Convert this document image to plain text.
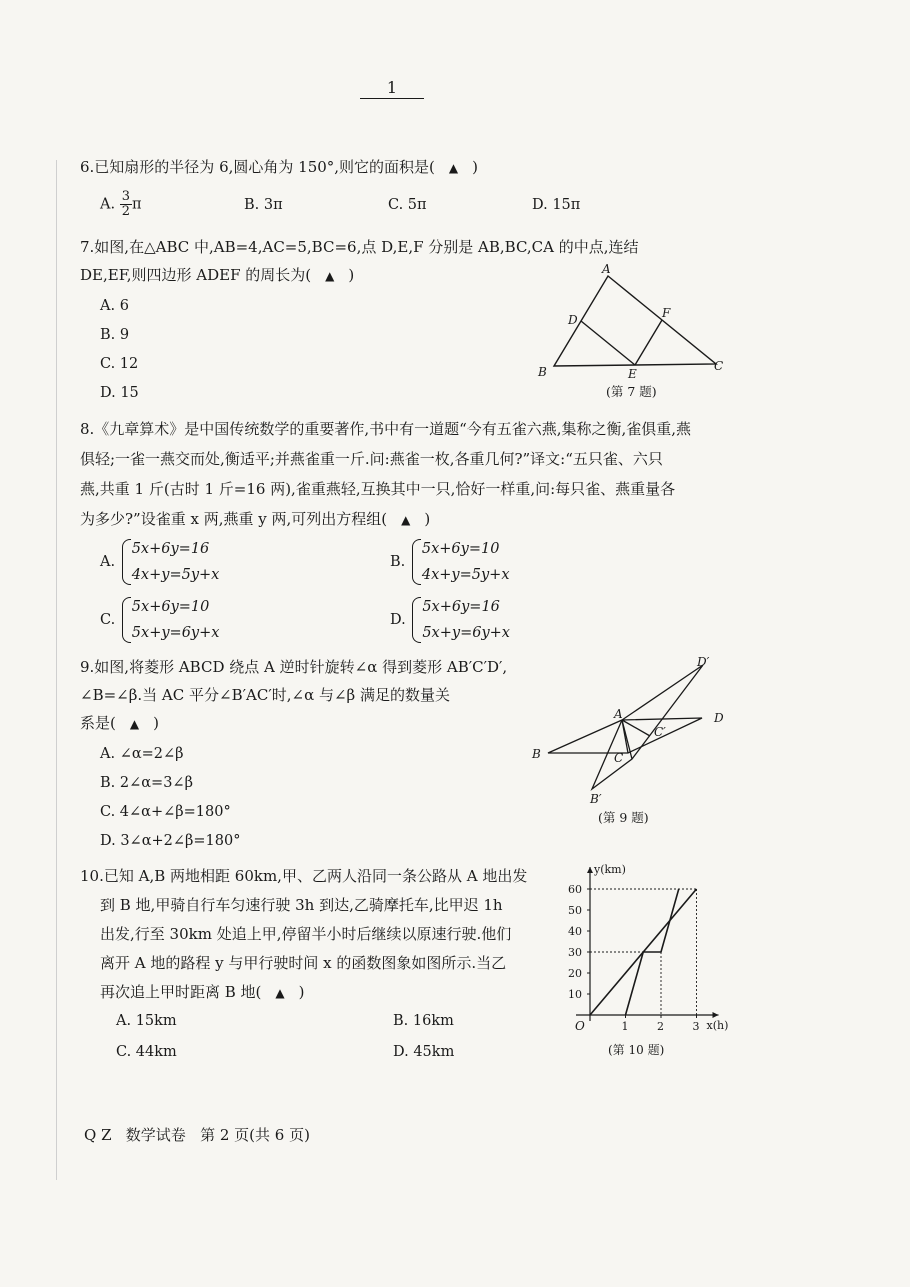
1
6.已知扇形的半径为 6,圆心角为 150°,则它的面积是( ▲ )
A. $\frac{3}{2}$ π	B. 3π	C. 5π	D. 15π
7.如图,在△ABC 中,AB=4,AC=5,BC=6,点 D,E,F 分别是 AB,BC,CA 的中点,连结
DE,EF,则四边形 ADEF 的周长为( ▲ )
A. 6
B. 9
C. 12
D. 15
A
B	C
D
E
F
(第 7 题)
8.《九章算术》是中国传统数学的重要著作,书中有一道题“今有五雀六燕,集称之衡,雀俱重,燕
俱轻;一雀一燕交而处,衡适平;并燕雀重一斤.问:燕雀一枚,各重几何?”译文:“五只雀、六只
燕,共重 1 斤(古时 1 斤=16 两),雀重燕轻,互换其中一只,恰好一样重,问:每只雀、燕重量各
为多少?”设雀重 x 两,燕重 y 两,可列出方程组( ▲ )
A.
5x+6y=16
4x+y=5y+x
B.
5x+6y=10
4x+y=5y+x
C.
5x+6y=10
5x+y=6y+x
D.
5x+6y=16
5x+y=6y+x
9.如图,将菱形 ABCD 绕点 A 逆时针旋转∠α 得到菱形 AB′C′D′,
∠B=∠β.当 AC 平分∠B′AC′时,∠α 与∠β 满足的数量关
系是( ▲ )
A. ∠α=2∠β
B. 2∠α=3∠β
C. 4∠α+∠β=180°
D. 3∠α+2∠β=180°
A
B	C
C′
D
D′
B′
(第 9 题)
10.已知 A,B 两地相距 60km,甲、乙两人沿同一条公路从 A 地出发
到 B 地,甲骑自行车匀速行驶 3h 到达,乙骑摩托车,比甲迟 1h
出发,行至 30km 处追上甲,停留半小时后继续以原速行驶.他们
离开 A 地的路程 y 与甲行驶时间 x 的函数图象如图所示.当乙
再次追上甲时距离 B 地( ▲ )
A. 15km	B. 16km
C. 44km	D. 45km
y(km)
x(h)
O
10
20
30
40
50
60
1	2	3
(第 10 题)
Q Z   数学试卷   第 2 页(共 6 页)
